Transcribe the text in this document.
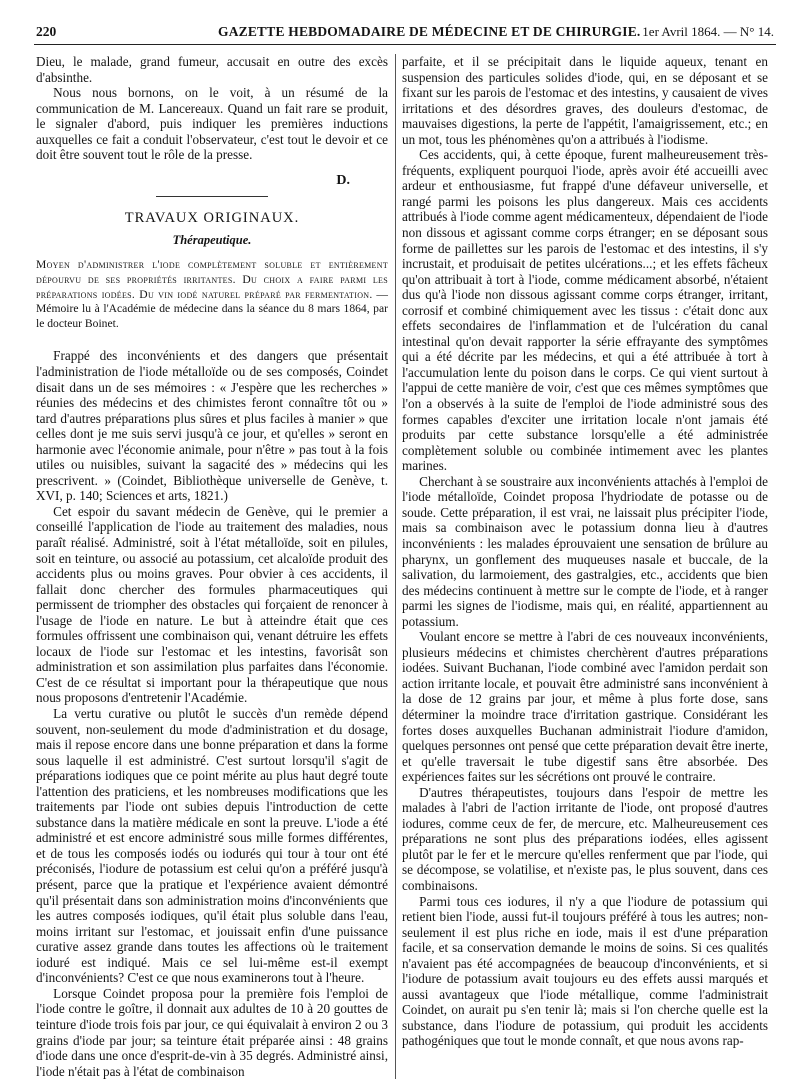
220	GAZETTE HEBDOMADAIRE DE MÉDECINE ET DE CHIRURGIE. 1er Avril 1864. — N° 14.

Dieu, le malade, grand fumeur, accusait en outre des excès d'absinthe.

Nous nous bornons, on le voit, à un résumé de la communication de M. Lancereaux. Quand un fait rare se produit, le signaler d'abord, puis indiquer les premières inductions auxquelles ce fait a conduit l'observateur, c'est tout le devoir et ce doit être souvent tout le rôle de la presse.

D.

TRAVAUX ORIGINAUX.

Thérapeutique.

Moyen d'administrer l'iode complètement soluble et entièrement dépourvu de ses propriétés irritantes. Du choix a faire parmi les préparations iodées. Du vin iodé naturel préparé par fermentation. — Mémoire lu à l'Académie de médecine dans la séance du 8 mars 1864, par le docteur Boinet.

Frappé des inconvénients et des dangers que présentait l'administration de l'iode métalloïde ou de ses composés, Coindet disait dans un de ses mémoires : « J'espère que les recherches » réunies des médecins et des chimistes feront connaître tôt ou » tard d'autres préparations plus sûres et plus faciles à manier » que celles dont je me suis servi jusqu'à ce jour, et qu'elles » seront en harmonie avec l'économie animale, pour n'être » pas tout à la fois utiles ou nuisibles, suivant la sagacité des » médecins qui les prescrivent. » (Coindet, Bibliothèque universelle de Genève, t. XVI, p. 140; Sciences et arts, 1821.)

Cet espoir du savant médecin de Genève, qui le premier a conseillé l'application de l'iode au traitement des maladies, nous paraît réalisé. Administré, soit à l'état métalloïde, soit en pilules, soit en teinture, ou associé au potassium, cet alcaloïde produit des accidents plus ou moins graves. Pour obvier à ces accidents, il fallait donc chercher des formules pharmaceutiques qui permissent de triompher des obstacles qui forçaient de renoncer à l'usage de l'iode en nature. Le but à atteindre était que ces formules offrissent une combinaison qui, venant détruire les effets locaux de l'iode sur l'estomac et les intestins, favorisât son administration et son assimilation plus parfaites dans l'économie. C'est de ce résultat si important pour la thérapeutique que nous nous proposons d'entretenir l'Académie.

La vertu curative ou plutôt le succès d'un remède dépend souvent, non-seulement du mode d'administration et du dosage, mais il repose encore dans une bonne préparation et dans la forme sous laquelle il est administré. C'est surtout lorsqu'il s'agit de préparations iodiques que ce point mérite au plus haut degré toute l'attention des praticiens, et les nombreuses modifications que les traitements par l'iode ont subies depuis l'introduction de cette substance dans la matière médicale en sont la preuve. L'iode a été administré et est encore administré sous mille formes différentes, et de tous les composés iodés ou iodurés qui tour à tour ont été préconisés, l'iodure de potassium est celui qu'on a préféré jusqu'à présent, parce que la pratique et l'expérience avaient démontré qu'il présentait dans son administration moins d'inconvénients que les autres composés iodiques, qu'il était plus soluble dans l'eau, moins irritant sur l'estomac, et jouissait enfin d'une puissance curative assez grande dans toutes les affections où le traitement ioduré est indiqué. Mais ce sel lui-même est-il exempt d'inconvénients? C'est ce que nous examinerons tout à l'heure.

Lorsque Coindet proposa pour la première fois l'emploi de l'iode contre le goître, il donnait aux adultes de 10 à 20 gouttes de teinture d'iode trois fois par jour, ce qui équivalait à environ 2 ou 3 grains d'iode par jour; sa teinture était préparée ainsi : 48 grains d'iode dans une once d'esprit-de-vin à 35 degrés. Administré ainsi, l'iode n'était pas à l'état de combinaison

parfaite, et il se précipitait dans le liquide aqueux, tenant en suspension des particules solides d'iode, qui, en se déposant et se fixant sur les parois de l'estomac et des intestins, y causaient de vives irritations et des désordres graves, des douleurs d'estomac, de mauvaises digestions, la perte de l'appétit, l'amaigrissement, etc.; en un mot, tous les phénomènes qu'on a attribués à l'iodisme.

Ces accidents, qui, à cette époque, furent malheureusement très-fréquents, expliquent pourquoi l'iode, après avoir été accueilli avec ardeur et enthousiasme, fut frappé d'une défaveur universelle, et rangé parmi les poisons les plus dangereux. Mais ces accidents attribués à l'iode comme agent médicamenteux, dépendaient de l'iode non dissous et agissant comme corps étranger; en se déposant sous forme de paillettes sur les parois de l'estomac et des intestins, il s'y incrustait, et produisait de petites ulcérations...; et les effets fâcheux qu'on attribuait à tort à l'iode, comme médicament absorbé, n'étaient dus qu'à l'iode non dissous agissant comme corps étranger, irritant, corrosif et combiné chimiquement avec les tissus : c'était donc aux effets secondaires de l'inflammation et de l'ulcération du canal intestinal qu'on devait rapporter la série effrayante des symptômes qui a été décrite par les médecins, et qui a été attribuée à tort à l'accumulation lente du poison dans le corps. Ce qui vient surtout à l'appui de cette manière de voir, c'est que ces mêmes symptômes que l'on a observés à la suite de l'emploi de l'iode administré sous des formes capables d'exciter une irritation locale n'ont jamais été produits par cette substance lorsqu'elle a été administrée complètement soluble ou combinée intimement avec les plantes marines.

Cherchant à se soustraire aux inconvénients attachés à l'emploi de l'iode métalloïde, Coindet proposa l'hydriodate de potasse ou de soude. Cette préparation, il est vrai, ne laissait plus précipiter l'iode, mais sa combinaison avec le potassium donna lieu à d'autres inconvénients : les malades éprouvaient une sensation de brûlure au pharynx, un gonflement des muqueuses nasale et buccale, de la salivation, du larmoiement, des gastralgies, etc., accidents que bien des médecins continuent à mettre sur le compte de l'iode, et à ranger parmi les signes de l'iodisme, mais qui, en réalité, appartiennent au potassium.

Voulant encore se mettre à l'abri de ces nouveaux inconvénients, plusieurs médecins et chimistes cherchèrent d'autres préparations iodées. Suivant Buchanan, l'iode combiné avec l'amidon perdait son action irritante locale, et pouvait être administré sans inconvénient à la dose de 12 grains par jour, et même à plus forte dose, sans déterminer la moindre trace d'irritation gastrique. Considérant les fortes doses auxquelles Buchanan administrait l'iodure d'amidon, quelques personnes ont pensé que cette préparation devait être inerte, et qu'elle traversait le tube digestif sans être absorbée. Des expériences faites sur les sécrétions ont prouvé le contraire.

D'autres thérapeutistes, toujours dans l'espoir de mettre les malades à l'abri de l'action irritante de l'iode, ont proposé d'autres iodures, comme ceux de fer, de mercure, etc. Malheureusement ces préparations ne sont plus des préparations iodées, elles agissent plutôt par le fer et le mercure qu'elles renferment que par l'iode, qui se décompose, se volatilise, et n'existe pas, le plus souvent, dans ces combinaisons.

Parmi tous ces iodures, il n'y a que l'iodure de potassium qui retient bien l'iode, aussi fut-il toujours préféré à tous les autres; non-seulement il est plus riche en iode, mais il est d'une préparation facile, et sa conservation demande le moins de soins. Si ces qualités n'avaient pas été accompagnées de beaucoup d'inconvénients, et si l'iodure de potassium avait toujours eu des effets aussi marqués et aussi avantageux que l'iode métallique, comme l'administrait Coindet, on aurait pu s'en tenir là; mais si l'on cherche quelle est la substance, dans l'iodure de potassium, qui produit les accidents pathogéniques que tout le monde connaît, et que nous avons rap-
